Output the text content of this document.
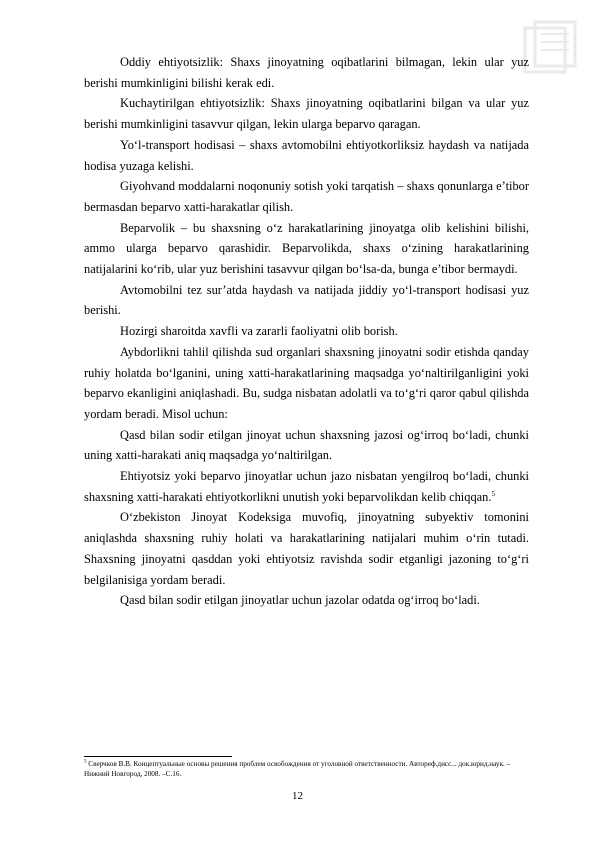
Oddiy ehtiyotsizlik: Shaxs jinoyatning oqibatlarini bilmagan, lekin ular yuz berishi mumkinligini bilishi kerak edi.

Kuchaytirilgan ehtiyotsizlik: Shaxs jinoyatning oqibatlarini bilgan va ular yuz berishi mumkinligini tasavvur qilgan, lekin ularga beparvo qaragan.

Yo‘l-transport hodisasi – shaxs avtomobilni ehtiyotkorliksiz haydash va natijada hodisa yuzaga kelishi.

Giyohvand moddalarni noqonuniy sotish yoki tarqatish – shaxs qonunlarga e’tibor bermasdan beparvo xatti-harakatlar qilish.

Beparvolik – bu shaxsning o‘z harakatlarining jinoyatga olib kelishini bilishi, ammo ularga beparvo qarashidir. Beparvolikda, shaxs o‘zining harakatlarining natijalarini ko‘rib, ular yuz berishini tasavvur qilgan bo‘lsa-da, bunga e’tibor bermaydi.

Avtomobilni tez sur’atda haydash va natijada jiddiy yo‘l-transport hodisasi yuz berishi.

Hozirgi sharoitda xavfli va zararli faoliyatni olib borish.

Aybdorlikni tahlil qilishda sud organlari shaxsning jinoyatni sodir etishda qanday ruhiy holatda bo‘lganini, uning xatti-harakatlarining maqsadga yo‘naltirilganligini yoki beparvo ekanligini aniqlashadi. Bu, sudga nisbatan adolatli va to‘g‘ri qaror qabul qilishda yordam beradi. Misol uchun:

Qasd bilan sodir etilgan jinoyat uchun shaxsning jazosi og‘irroq bo‘ladi, chunki uning xatti-harakati aniq maqsadga yo‘naltirilgan.

Ehtiyotsiz yoki beparvo jinoyatlar uchun jazo nisbatan yengilroq bo‘ladi, chunki shaxsning xatti-harakati ehtiyotkorlikni unutish yoki beparvolikdan kelib chiqqan.$^5$

O‘zbekiston Jinoyat Kodeksiga muvofiq, jinoyatning subyektiv tomonini aniqlashda shaxsning ruhiy holati va harakatlarining natijalari muhim o‘rin tutadi. Shaxsning jinoyatni qasddan yoki ehtiyotsiz ravishda sodir etganligi jazoning to‘g‘ri belgilanisiga yordam beradi.

Qasd bilan sodir etilgan jinoyatlar uchun jazolar odatda og‘irroq bo‘ladi.

$^5$ Сверчков В.В. Концептуальные основы решения проблем освобождения от уголовной ответственности. Автореф.дисс... док.юрид.наук. – Нижний Новгород, 2008. –С.16.
12
